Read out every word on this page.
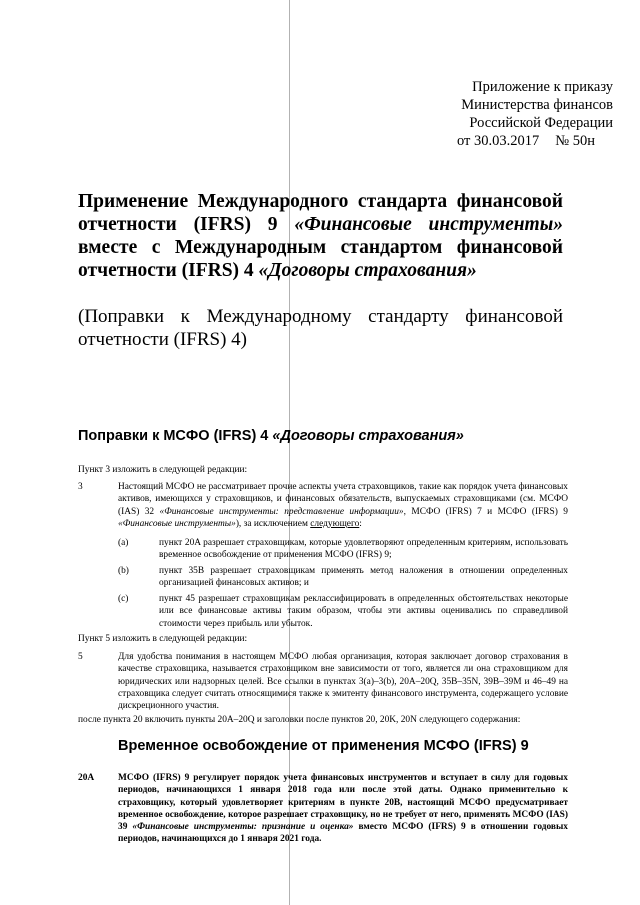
Приложение к приказу
Министерства финансов
Российской Федерации
от 30.03.2017 № 50н
Применение Международного стандарта финансовой отчетности (IFRS) 9 «Финансовые инструменты» вместе с Международным стандартом финансовой отчетности (IFRS) 4 «Договоры страхования»
(Поправки к Международному стандарту финансовой отчетности (IFRS) 4)
Поправки к МСФО (IFRS) 4 «Договоры страхования»
Пункт 3 изложить в следующей редакции:
3	Настоящий МСФО не рассматривает прочие аспекты учета страховщиков, такие как порядок учета финансовых активов, имеющихся у страховщиков, и финансовых обязательств, выпускаемых страховщиками (см. МСФО (IAS) 32 «Финансовые инструменты: представление информации», МСФО (IFRS) 7 и МСФО (IFRS) 9 «Финансовые инструменты»), за исключением следующего:
(a)	пункт 20A разрешает страховщикам, которые удовлетворяют определенным критериям, использовать временное освобождение от применения МСФО (IFRS) 9;
(b)	пункт 35B разрешает страховщикам применять метод наложения в отношении определенных организацией финансовых активов; и
(c)	пункт 45 разрешает страховщикам реклассифицировать в определенных обстоятельствах некоторые или все финансовые активы таким образом, чтобы эти активы оценивались по справедливой стоимости через прибыль или убыток.
Пункт 5 изложить в следующей редакции:
5	Для удобства понимания в настоящем МСФО любая организация, которая заключает договор страхования в качестве страховщика, называется страховщиком вне зависимости от того, является ли она страховщиком для юридических или надзорных целей. Все ссылки в пунктах 3(a)–3(b), 20A–20Q, 35B–35N, 39B–39M и 46–49 на страховщика следует считать относящимися также к эмитенту финансового инструмента, содержащего условие дискреционного участия.
после пункта 20 включить пункты 20A–20Q и заголовки после пунктов 20, 20K, 20N следующего содержания:
Временное освобождение от применения МСФО (IFRS) 9
20A	МСФО (IFRS) 9 регулирует порядок учета финансовых инструментов и вступает в силу для годовых периодов, начинающихся 1 января 2018 года или после этой даты. Однако применительно к страховщику, который удовлетворяет критериям в пункте 20B, настоящий МСФО предусматривает временное освобождение, которое разрешает страховщику, но не требует от него, применять МСФО (IAS) 39 «Финансовые инструменты: признание и оценка» вместо МСФО (IFRS) 9 в отношении годовых периодов, начинающихся до 1 января 2021 года.
